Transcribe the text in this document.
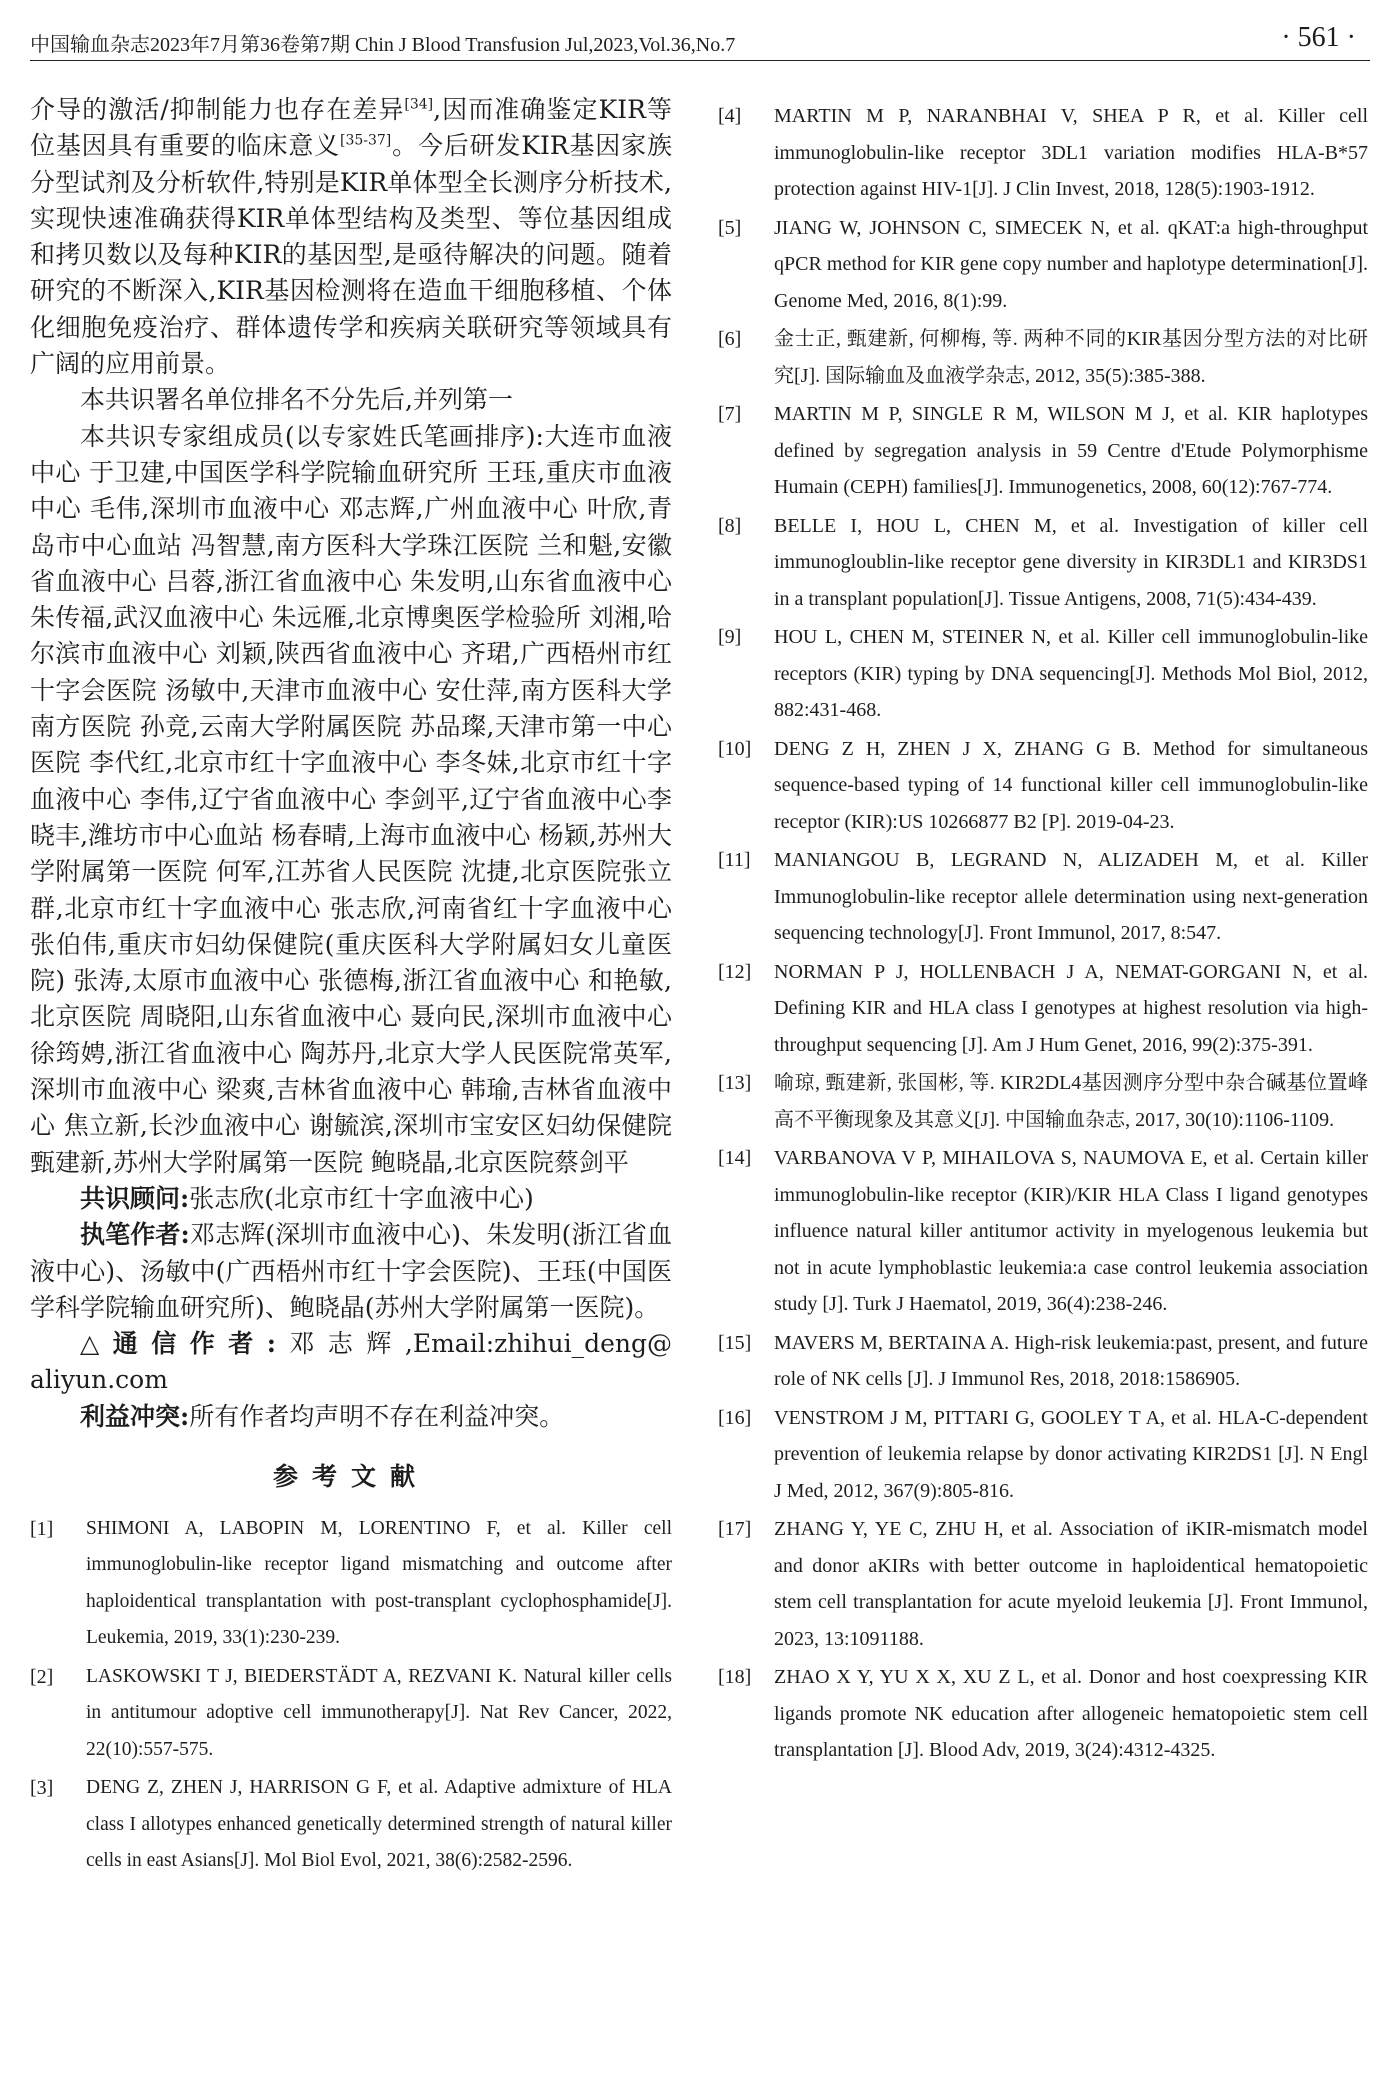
中国输血杂志2023年7月第36卷第7期 Chin J Blood Transfusion Jul,2023,Vol.36,No.7	· 561 ·

介导的激活/抑制能力也存在差异[34],因而准确鉴定KIR等位基因具有重要的临床意义[35-37]。今后研发KIR基因家族分型试剂及分析软件,特别是KIR单体型全长测序分析技术,实现快速准确获得KIR单体型结构及类型、等位基因组成和拷贝数以及每种KIR的基因型,是亟待解决的问题。随着研究的不断深入,KIR基因检测将在造血干细胞移植、个体化细胞免疫治疗、群体遗传学和疾病关联研究等领域具有广阔的应用前景。

本共识署名单位排名不分先后,并列第一

本共识专家组成员(以专家姓氏笔画排序):大连市血液中心 于卫建,中国医学科学院输血研究所 王珏,重庆市血液中心 毛伟,深圳市血液中心 邓志辉,广州血液中心 叶欣,青岛市中心血站 冯智慧,南方医科大学珠江医院 兰和魁,安徽省血液中心 吕蓉,浙江省血液中心 朱发明,山东省血液中心朱传福,武汉血液中心 朱远雁,北京博奥医学检验所 刘湘,哈尔滨市血液中心 刘颖,陕西省血液中心 齐珺,广西梧州市红十字会医院 汤敏中,天津市血液中心 安仕萍,南方医科大学南方医院 孙竞,云南大学附属医院 苏品璨,天津市第一中心医院 李代红,北京市红十字血液中心 李冬妹,北京市红十字血液中心 李伟,辽宁省血液中心 李剑平,辽宁省血液中心李晓丰,潍坊市中心血站 杨春晴,上海市血液中心 杨颖,苏州大学附属第一医院 何军,江苏省人民医院 沈捷,北京医院张立群,北京市红十字血液中心 张志欣,河南省红十字血液中心 张伯伟,重庆市妇幼保健院(重庆医科大学附属妇女儿童医院) 张涛,太原市血液中心 张德梅,浙江省血液中心 和艳敏,北京医院 周晓阳,山东省血液中心 聂向民,深圳市血液中心 徐筠娉,浙江省血液中心 陶苏丹,北京大学人民医院常英军,深圳市血液中心 梁爽,吉林省血液中心 韩瑜,吉林省血液中心 焦立新,长沙血液中心 谢毓滨,深圳市宝安区妇幼保健院 甄建新,苏州大学附属第一医院 鲍晓晶,北京医院蔡剑平

共识顾问:张志欣(北京市红十字血液中心)

执笔作者:邓志辉(深圳市血液中心)、朱发明(浙江省血液中心)、汤敏中(广西梧州市红十字会医院)、王珏(中国医学科学院输血研究所)、鲍晓晶(苏州大学附属第一医院)。

△通信作者:邓志辉,Email:zhihui_deng@ aliyun.com

利益冲突:所有作者均声明不存在利益冲突。

参考文献
[1]	SHIMONI A, LABOPIN M, LORENTINO F, et al. Killer cell immunoglobulin-like receptor ligand mismatching and outcome after haploidentical transplantation with post-transplant cyclophosphamide[J]. Leukemia, 2019, 33(1):230-239.
[2]	LASKOWSKI T J, BIEDERSTÄDT A, REZVANI K. Natural killer cells in antitumour adoptive cell immunotherapy[J]. Nat Rev Cancer, 2022, 22(10):557-575.
[3]	DENG Z, ZHEN J, HARRISON G F, et al. Adaptive admixture of HLA class I allotypes enhanced genetically determined strength of natural killer cells in east Asians[J]. Mol Biol Evol, 2021, 38(6):2582-2596.
[4]	MARTIN M P, NARANBHAI V, SHEA P R, et al. Killer cell immunoglobulin-like receptor 3DL1 variation modifies HLA-B*57 protection against HIV-1[J]. J Clin Invest, 2018, 128(5):1903-1912.
[5]	JIANG W, JOHNSON C, SIMECEK N, et al. qKAT:a high-throughput qPCR method for KIR gene copy number and haplotype determination[J]. Genome Med, 2016, 8(1):99.
[6]	金士正, 甄建新, 何柳梅, 等. 两种不同的KIR基因分型方法的对比研究[J]. 国际输血及血液学杂志, 2012, 35(5):385-388.
[7]	MARTIN M P, SINGLE R M, WILSON M J, et al. KIR haplotypes defined by segregation analysis in 59 Centre d'Etude Polymorphisme Humain (CEPH) families[J]. Immunogenetics, 2008, 60(12):767-774.
[8]	BELLE I, HOU L, CHEN M, et al. Investigation of killer cell immunogloublin-like receptor gene diversity in KIR3DL1 and KIR3DS1 in a transplant population[J]. Tissue Antigens, 2008, 71(5):434-439.
[9]	HOU L, CHEN M, STEINER N, et al. Killer cell immunoglobulin-like receptors (KIR) typing by DNA sequencing[J]. Methods Mol Biol, 2012, 882:431-468.
[10]	DENG Z H, ZHEN J X, ZHANG G B. Method for simultaneous sequence-based typing of 14 functional killer cell immunoglobulin-like receptor (KIR):US 10266877 B2 [P]. 2019-04-23.
[11]	MANIANGOU B, LEGRAND N, ALIZADEH M, et al. Killer Immunoglobulin-like receptor allele determination using next-generation sequencing technology[J]. Front Immunol, 2017, 8:547.
[12]	NORMAN P J, HOLLENBACH J A, NEMAT-GORGANI N, et al. Defining KIR and HLA class I genotypes at highest resolution via high-throughput sequencing [J]. Am J Hum Genet, 2016, 99(2):375-391.
[13]	喻琼, 甄建新, 张国彬, 等. KIR2DL4基因测序分型中杂合碱基位置峰高不平衡现象及其意义[J]. 中国输血杂志, 2017, 30(10):1106-1109.
[14]	VARBANOVA V P, MIHAILOVA S, NAUMOVA E, et al. Certain killer immunoglobulin-like receptor (KIR)/KIR HLA Class I ligand genotypes influence natural killer antitumor activity in myelogenous leukemia but not in acute lymphoblastic leukemia:a case control leukemia association study [J]. Turk J Haematol, 2019, 36(4):238-246.
[15]	MAVERS M, BERTAINA A. High-risk leukemia:past, present, and future role of NK cells [J]. J Immunol Res, 2018, 2018:1586905.
[16]	VENSTROM J M, PITTARI G, GOOLEY T A, et al. HLA-C-dependent prevention of leukemia relapse by donor activating KIR2DS1 [J]. N Engl J Med, 2012, 367(9):805-816.
[17]	ZHANG Y, YE C, ZHU H, et al. Association of iKIR-mismatch model and donor aKIRs with better outcome in haploidentical hematopoietic stem cell transplantation for acute myeloid leukemia [J]. Front Immunol, 2023, 13:1091188.
[18]	ZHAO X Y, YU X X, XU Z L, et al. Donor and host coexpressing KIR ligands promote NK education after allogeneic hematopoietic stem cell transplantation [J]. Blood Adv, 2019, 3(24):4312-4325.
